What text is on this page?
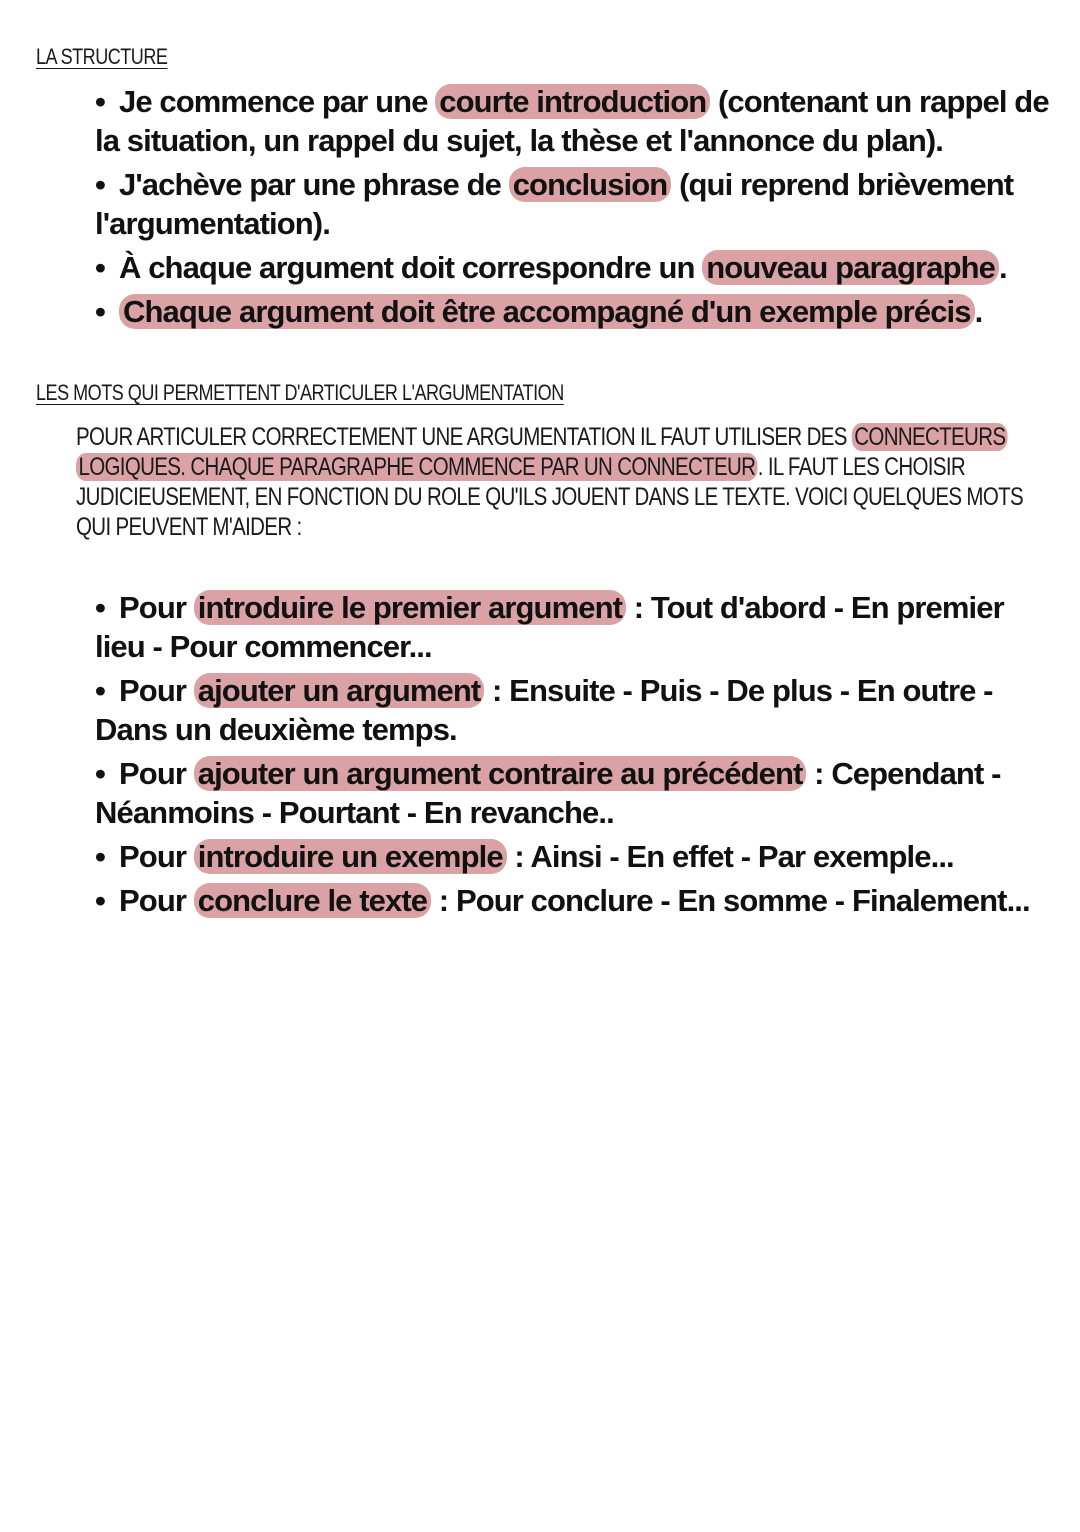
LA STRUCTURE
• Je commence par une courte introduction (contenant un rappel de la situation, un rappel du sujet, la thèse et l'annonce du plan).
• J'achève par une phrase de conclusion (qui reprend brièvement l'argumentation).
• À chaque argument doit correspondre un nouveau paragraphe .
• Chaque argument doit être accompagné d'un exemple précis .
LES MOTS QUI PERMETTENT D'ARTICULER L'ARGUMENTATION
POUR ARTICULER CORRECTEMENT UNE ARGUMENTATION IL FAUT UTILISER DES CONNECTEURS LOGIQUES. CHAQUE PARAGRAPHE COMMENCE PAR UN CONNECTEUR. IL FAUT LES CHOISIR JUDICIEUSEMENT, EN FONCTION DU ROLE QU'ILS JOUENT DANS LE TEXTE. VOICI QUELQUES MOTS QUI PEUVENT M'AIDER :
• Pour introduire le premier argument : Tout d'abord - En premier lieu - Pour commencer...
• Pour ajouter un argument : Ensuite - Puis - De plus - En outre - Dans un deuxième temps.
• Pour ajouter un argument contraire au précédent : Cependant - Néanmoins - Pourtant - En revanche..
• Pour introduire un exemple : Ainsi - En effet - Par exemple...
• Pour conclure le texte : Pour conclure - En somme - Finalement...
